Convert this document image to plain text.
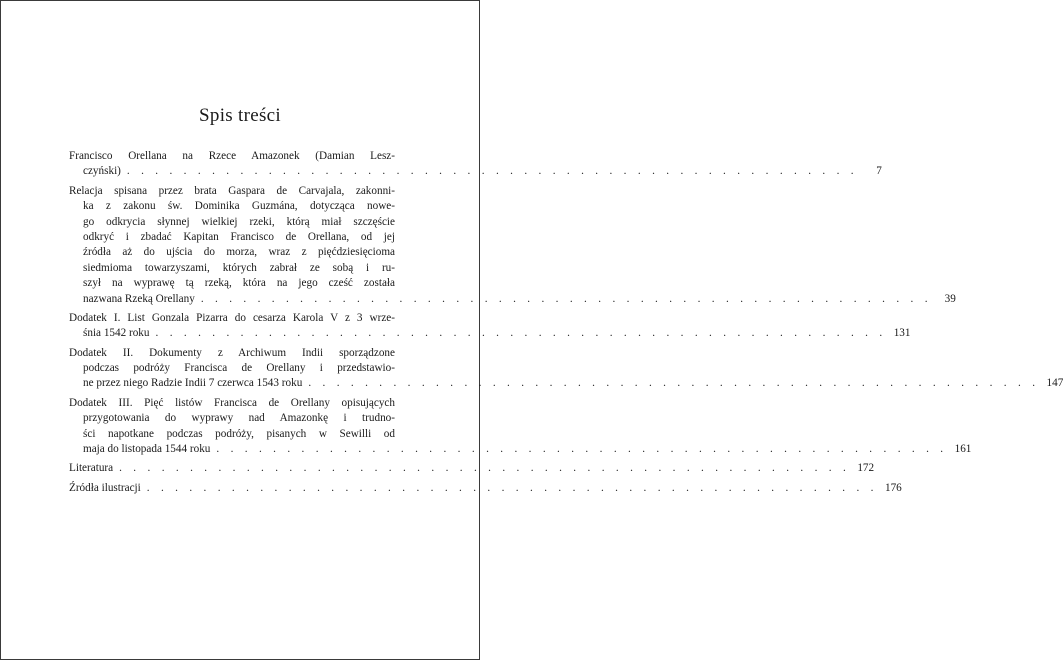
Spis treści
Francisco Orellana na Rzece Amazonek (Damian Lesz-
czyński) . . . . . . . . . . . . . . . . . . . . . . . . . . . . . . . . . . . . . . . . . . . . . . . . . . . .	7
Relacja spisana przez brata Gaspara de Carvajala, zakonni-
ka z zakonu św. Dominika Guzmána, dotycząca nowe-
go odkrycia słynnej wielkiej rzeki, którą miał szczęście
odkryć i zbadać Kapitan Francisco de Orellana, od jej
źródła aż do ujścia do morza, wraz z pięćdziesięcioma
siedmioma towarzyszami, których zabrał ze sobą i ru-
szył na wyprawę tą rzeką, która na jego cześć została
nazwana Rzeką Orellany . . . . . . . . . . . . . . . . . . . . . . . . . . . . . . . . . . . . . . . . . . . . . . . . . . . .	39
Dodatek I. List Gonzala Pizarra do cesarza Karola V z 3 wrze-
śnia 1542 roku . . . . . . . . . . . . . . . . . . . . . . . . . . . . . . . . . . . . . . . . . . . . . . . . . . . . 131
Dodatek II. Dokumenty z Archiwum Indii sporządzone
podczas podróży Francisca de Orellany i przedstawio-
ne przez niego Radzie Indii 7 czerwca 1543 roku . . . . . . . . . . . . . . . . . . . . . . . . . . . . . . . . . . . . . . . . . . . . . . . . . . . . 147
Dodatek III. Pięć listów Francisca de Orellany opisujących
przygotowania do wyprawy nad Amazonkę i trudno-
ści napotkane podczas podróży, pisanych w Sewilli od
maja do listopada 1544 roku . . . . . . . . . . . . . . . . . . . . . . . . . . . . . . . . . . . . . . . . . . . . . . . . . . . . 161
Literatura . . . . . . . . . . . . . . . . . . . . . . . . . . . . . . . . . . . . . . . . . . . . . . . . . . . . 172
Źródła ilustracji . . . . . . . . . . . . . . . . . . . . . . . . . . . . . . . . . . . . . . . . . . . . . . . . . . . . 176
